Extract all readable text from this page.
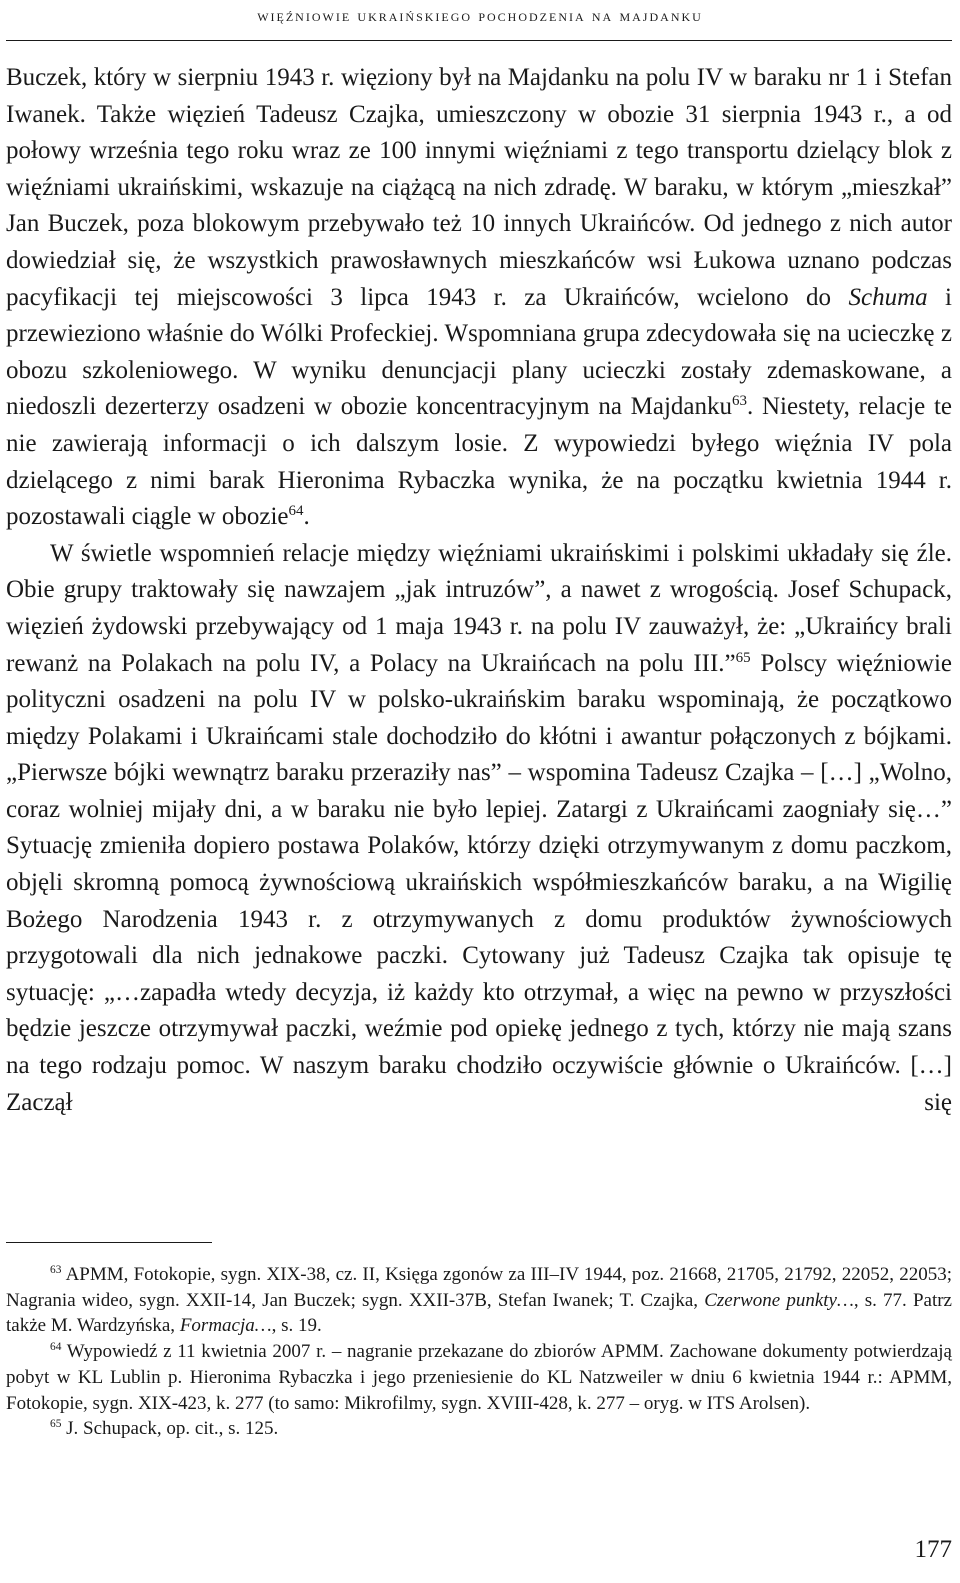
więźniowie ukraińskiego pochodzenia na majdanku

Buczek, który w sierpniu 1943 r. więziony był na Majdanku na polu IV w baraku nr 1 i Stefan Iwanek. Także więzień Tadeusz Czajka, umieszczony w obozie 31 sierpnia 1943 r., a od połowy września tego roku wraz ze 100 innymi więźniami z tego transportu dzielący blok z więźniami ukraińskimi, wskazuje na ciążącą na nich zdradę. W baraku, w którym „mieszkał” Jan Buczek, poza blokowym przebywało też 10 innych Ukraińców. Od jednego z nich autor dowiedział się, że wszystkich prawosławnych mieszkańców wsi Łukowa uznano podczas pacyfikacji tej miejscowości 3 lipca 1943 r. za Ukraińców, wcielono do Schuma i przewieziono właśnie do Wólki Profeckiej. Wspomniana grupa zdecydowała się na ucieczkę z obozu szkoleniowego. W wyniku denuncjacji plany ucieczki zostały zdemaskowane, a niedoszli dezerterzy osadzeni w obozie koncentracyjnym na Majdanku$^{63}$. Niestety, relacje te nie zawierają informacji o ich dalszym losie. Z wypowiedzi byłego więźnia IV pola dzielącego z nimi barak Hieronima Rybaczka wynika, że na początku kwietnia 1944 r. pozostawali ciągle w obozie$^{64}$.

W świetle wspomnień relacje między więźniami ukraińskimi i polskimi układały się źle. Obie grupy traktowały się nawzajem „jak intruzów”, a nawet z wrogością. Josef Schupack, więzień żydowski przebywający od 1 maja 1943 r. na polu IV zauważył, że: „Ukraińcy brali rewanż na Polakach na polu IV, a Polacy na Ukraińcach na polu III.”$^{65}$ Polscy więźniowie polityczni osadzeni na polu IV w polsko-ukraińskim baraku wspominają, że początkowo między Polakami i Ukraińcami stale dochodziło do kłótni i awantur połączonych z bójkami. „Pierwsze bójki wewnątrz baraku przeraziły nas” – wspomina Tadeusz Czajka – […] „Wolno, coraz wolniej mijały dni, a w baraku nie było lepiej. Zatargi z Ukraińcami zaogniały się…” Sytuację zmieniła dopiero postawa Polaków, którzy dzięki otrzymywanym z domu paczkom, objęli skromną pomocą żywnościową ukraińskich współmieszkańców baraku, a na Wigilię Bożego Narodzenia 1943 r. z otrzymywanych z domu produktów żywnościowych przygotowali dla nich jednakowe paczki. Cytowany już Tadeusz Czajka tak opisuje tę sytuację: „…zapadła wtedy decyzja, iż każdy kto otrzymał, a więc na pewno w przyszłości będzie jeszcze otrzymywał paczki, weźmie pod opiekę jednego z tych, którzy nie mają szans na tego rodzaju pomoc. W naszym baraku chodziło oczywiście głównie o Ukraińców. […] Zaczął się

$^{63}$ APMM, Fotokopie, sygn. XIX-38, cz. II, Księga zgonów za III–IV 1944, poz. 21668, 21705, 21792, 22052, 22053; Nagrania wideo, sygn. XXII-14, Jan Buczek; sygn. XXII-37B, Stefan Iwanek; T. Czajka, Czerwone punkty…, s. 77. Patrz także M. Wardzyńska, Formacja…, s. 19.

$^{64}$ Wypowiedź z 11 kwietnia 2007 r. – nagranie przekazane do zbiorów APMM. Zachowane dokumenty potwierdzają pobyt w KL Lublin p. Hieronima Rybaczka i jego przeniesienie do KL Natzweiler w dniu 6 kwietnia 1944 r.: APMM, Fotokopie, sygn. XIX-423, k. 277 (to samo: Mikrofilmy, sygn. XVIII-428, k. 277 – oryg. w ITS Arolsen).

$^{65}$ J. Schupack, op. cit., s. 125.

177
